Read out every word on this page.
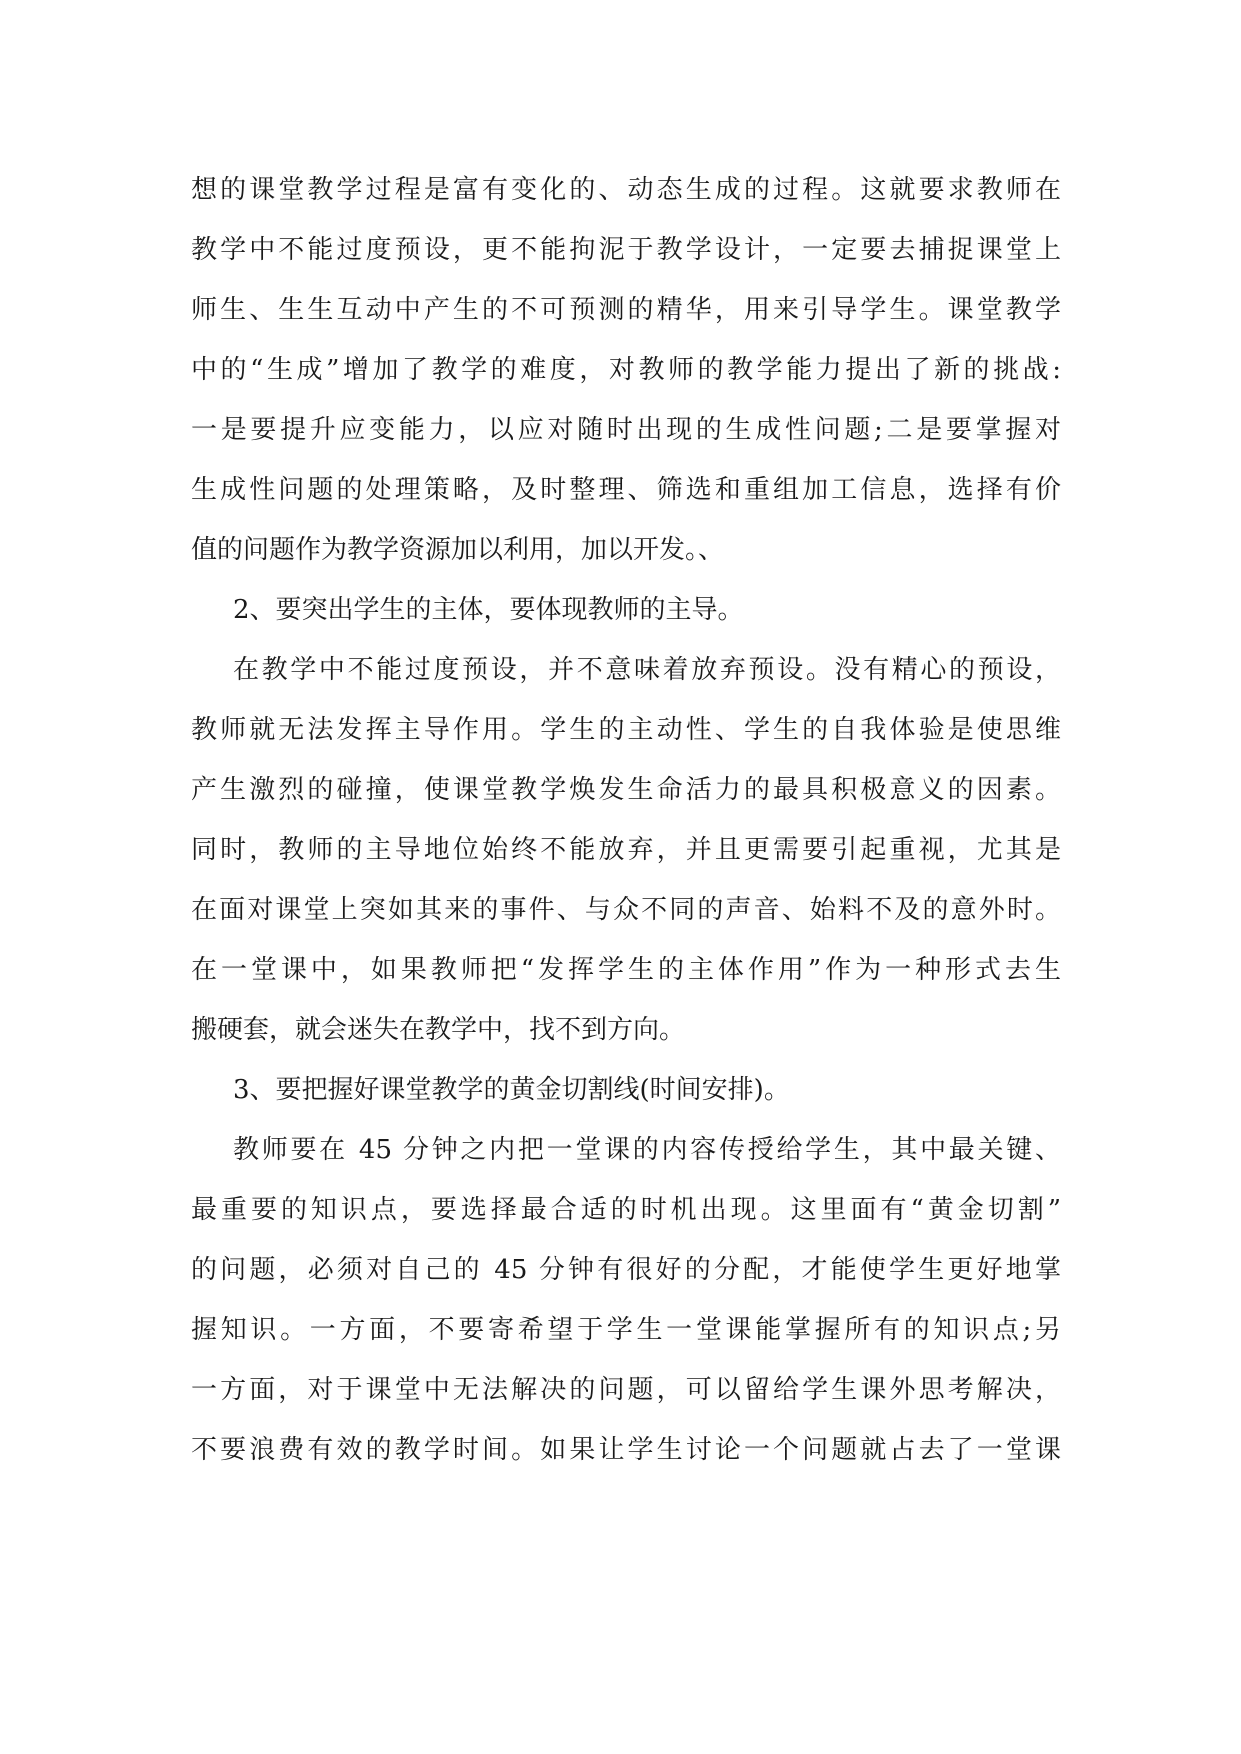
想的课堂教学过程是富有变化的、动态生成的过程。这就要求教师在
教学中不能过度预设，更不能拘泥于教学设计，一定要去捕捉课堂上
师生、生生互动中产生的不可预测的精华，用来引导学生。课堂教学
中的“生成”增加了教学的难度，对教师的教学能力提出了新的挑战:
一是要提升应变能力，以应对随时出现的生成性问题;二是要掌握对
生成性问题的处理策略，及时整理、筛选和重组加工信息，选择有价
值的问题作为教学资源加以利用，加以开发。、
2、要突出学生的主体，要体现教师的主导。
在教学中不能过度预设，并不意味着放弃预设。没有精心的预设，
教师就无法发挥主导作用。学生的主动性、学生的自我体验是使思维
产生激烈的碰撞，使课堂教学焕发生命活力的最具积极意义的因素。
同时，教师的主导地位始终不能放弃，并且更需要引起重视，尤其是
在面对课堂上突如其来的事件、与众不同的声音、始料不及的意外时。
在一堂课中，如果教师把“发挥学生的主体作用”作为一种形式去生
搬硬套，就会迷失在教学中，找不到方向。
3、要把握好课堂教学的黄金切割线(时间安排)。
教师要在 45 分钟之内把一堂课的内容传授给学生，其中最关键、
最重要的知识点，要选择最合适的时机出现。这里面有“黄金切割”
的问题，必须对自己的 45 分钟有很好的分配，才能使学生更好地掌
握知识。一方面，不要寄希望于学生一堂课能掌握所有的知识点;另
一方面，对于课堂中无法解决的问题，可以留给学生课外思考解决，
不要浪费有效的教学时间。如果让学生讨论一个问题就占去了一堂课
